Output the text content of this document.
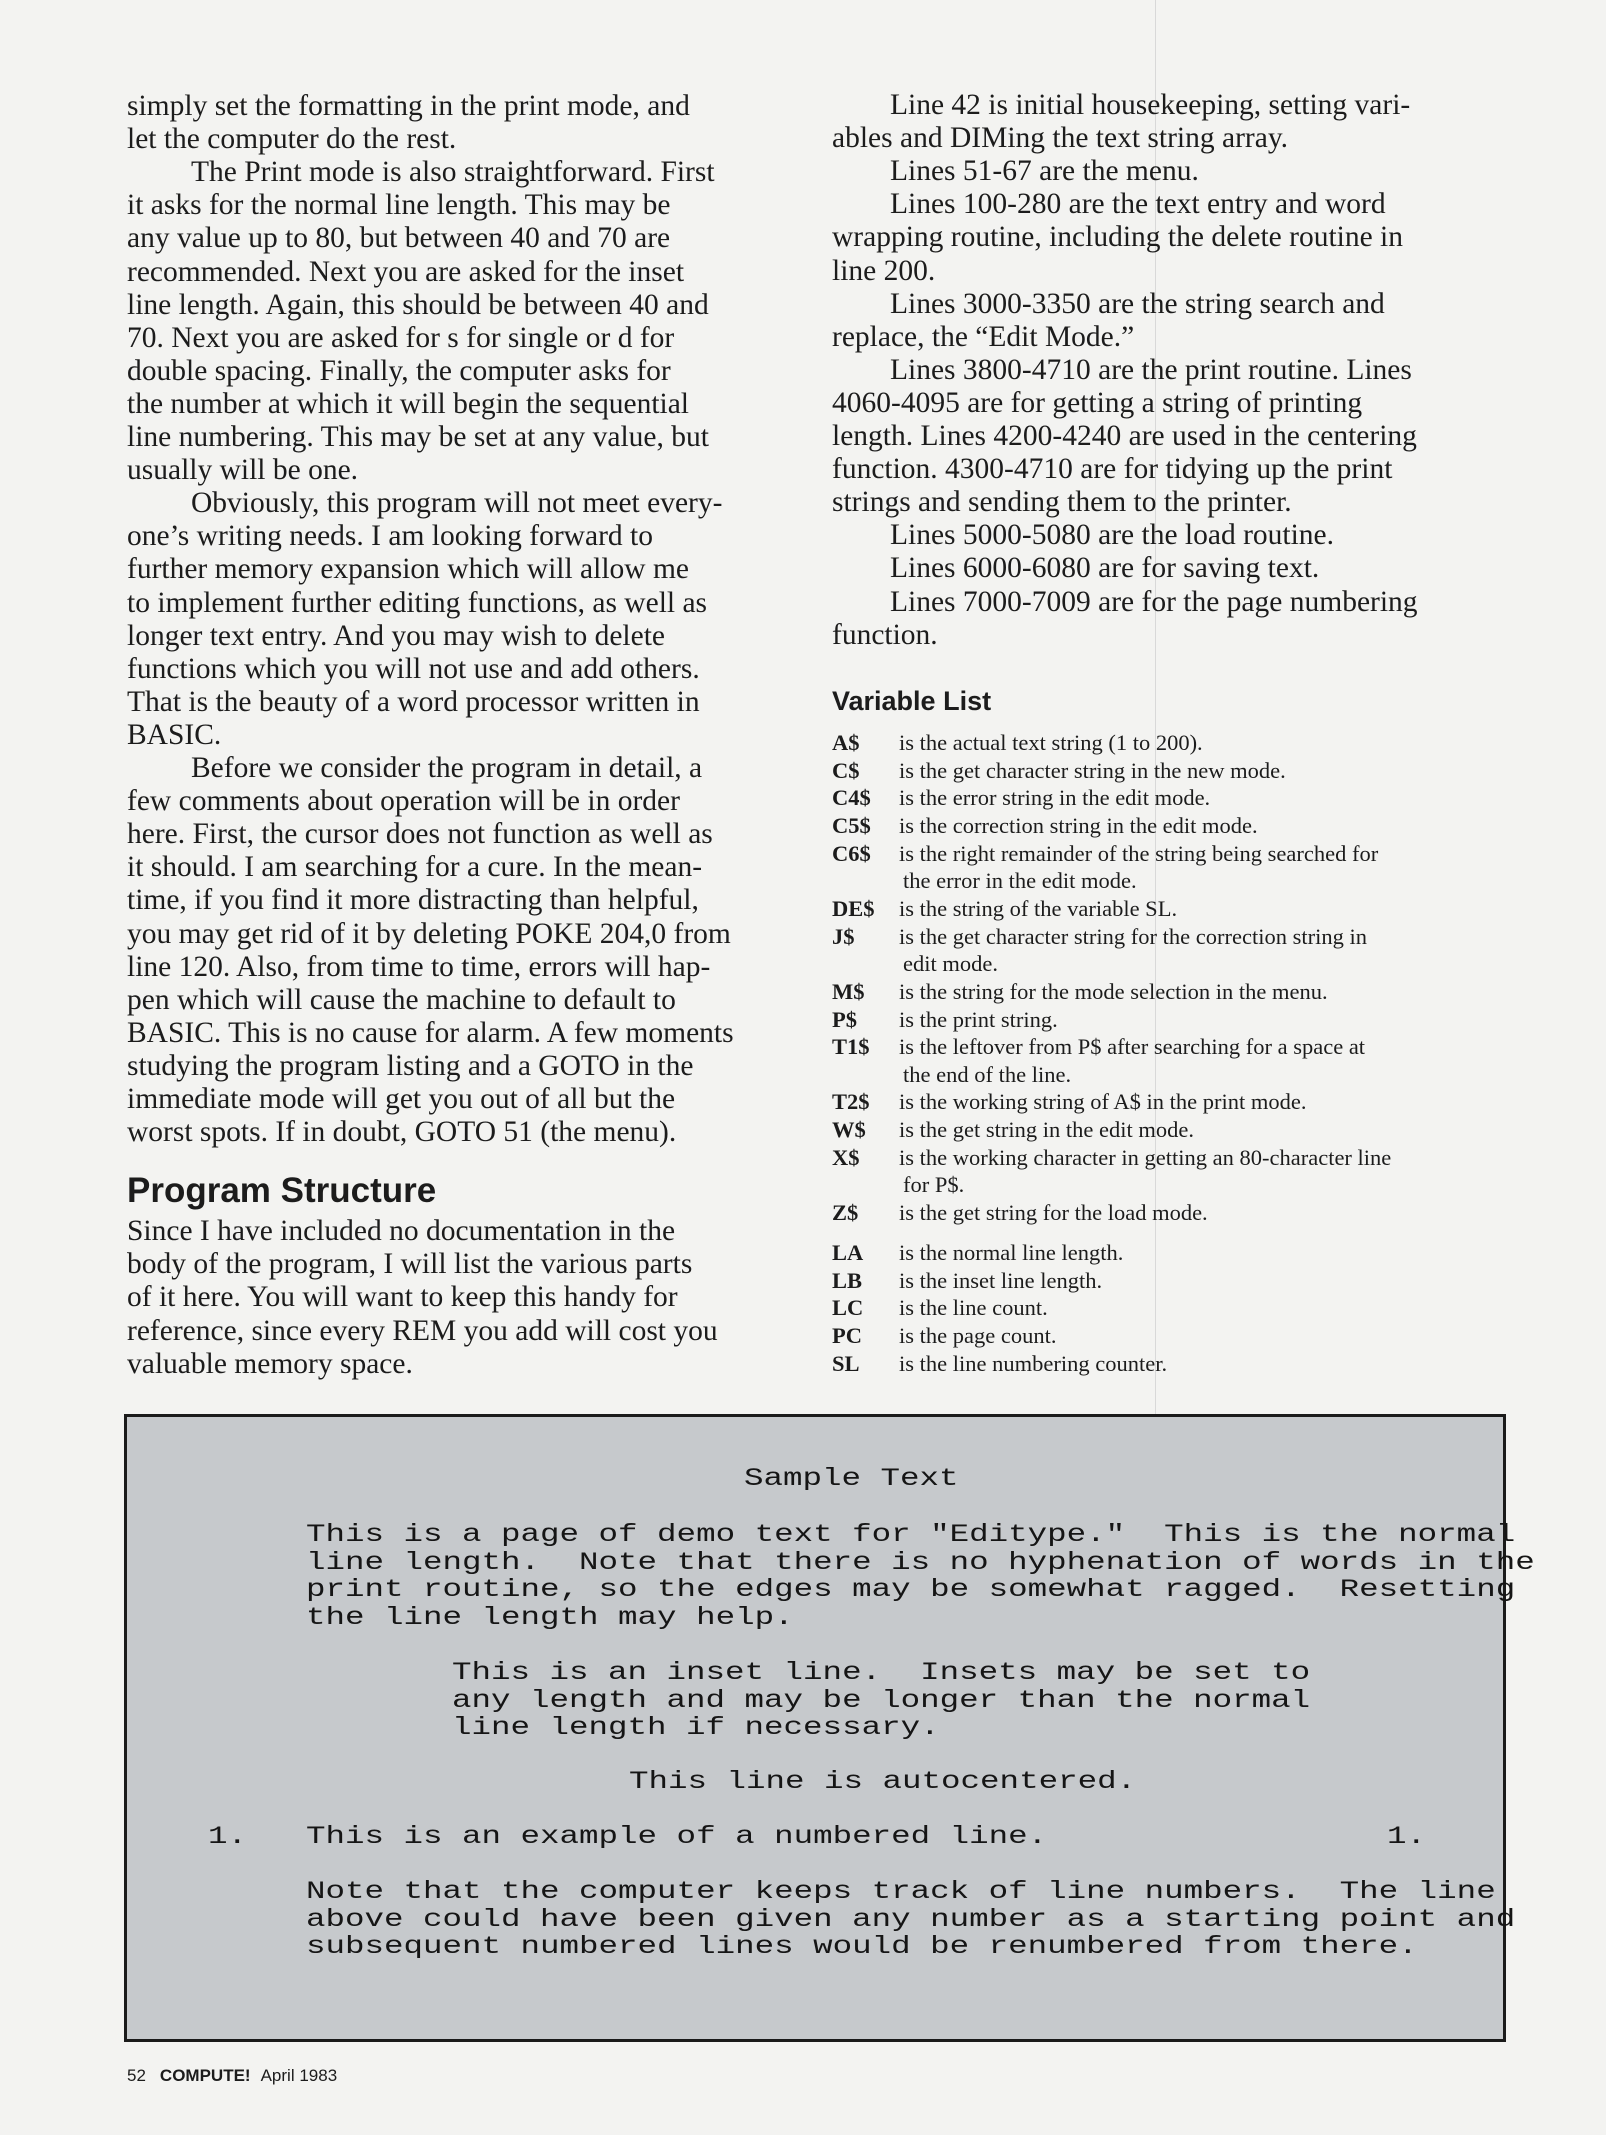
simply set the formatting in the print mode, and
let the computer do the rest.
The Print mode is also straightforward. First
it asks for the normal line length. This may be
any value up to 80, but between 40 and 70 are
recommended. Next you are asked for the inset
line length. Again, this should be between 40 and
70. Next you are asked for s for single or d for
double spacing. Finally, the computer asks for
the number at which it will begin the sequential
line numbering. This may be set at any value, but
usually will be one.
Obviously, this program will not meet every-
one’s writing needs. I am looking forward to
further memory expansion which will allow me
to implement further editing functions, as well as
longer text entry. And you may wish to delete
functions which you will not use and add others.
That is the beauty of a word processor written in
BASIC.
Before we consider the program in detail, a
few comments about operation will be in order
here. First, the cursor does not function as well as
it should. I am searching for a cure. In the mean-
time, if you find it more distracting than helpful,
you may get rid of it by deleting POKE 204,0 from
line 120. Also, from time to time, errors will hap-
pen which will cause the machine to default to
BASIC. This is no cause for alarm. A few moments
studying the program listing and a GOTO in the
immediate mode will get you out of all but the
worst spots. If in doubt, GOTO 51 (the menu).
Since I have included no documentation in the
body of the program, I will list the various parts
of it here. You will want to keep this handy for
reference, since every REM you add will cost you
valuable memory space.
Program Structure
Line 42 is initial housekeeping, setting vari-
ables and DIMing the text string array.
Lines 51-67 are the menu.
Lines 100-280 are the text entry and word
wrapping routine, including the delete routine in
line 200.
Lines 3000-3350 are the string search and
replace, the “Edit Mode.”
Lines 3800-4710 are the print routine. Lines
4060-4095 are for getting a string of printing
length. Lines 4200-4240 are used in the centering
function. 4300-4710 are for tidying up the print
strings and sending them to the printer.
Lines 5000-5080 are the load routine.
Lines 6000-6080 are for saving text.
Lines 7000-7009 are for the page numbering
function.
Variable List
A$ is the actual text string (1 to 200).
C$ is the get character string in the new mode.
C4$ is the error string in the edit mode.
C5$ is the correction string in the edit mode.
C6$ is the right remainder of the string being searched for
the error in the edit mode.
DE$ is the string of the variable SL.
J$ is the get character string for the correction string in
edit mode.
M$ is the string for the mode selection in the menu.
P$ is the print string.
T1$ is the leftover from P$ after searching for a space at
the end of the line.
T2$ is the working string of A$ in the print mode.
W$ is the get string in the edit mode.
X$ is the working character in getting an 80-character line
for P$.
Z$ is the get string for the load mode.
LA is the normal line length.
LB is the inset line length.
LC is the line count.
PC is the page count.
SL is the line numbering counter.
Sample Text
This is a page of demo text for "Editype."  This is the normal
line length.  Note that there is no hyphenation of words in the
print routine, so the edges may be somewhat ragged.  Resetting
the line length may help.
This is an inset line.  Insets may be set to
any length and may be longer than the normal
line length if necessary.
This line is autocentered.
1. This is an example of a numbered line.	1.
Note that the computer keeps track of line numbers.  The line
above could have been given any number as a starting point and
subsequent numbered lines would be renumbered from there.
52 COMPUTE! April 1983
